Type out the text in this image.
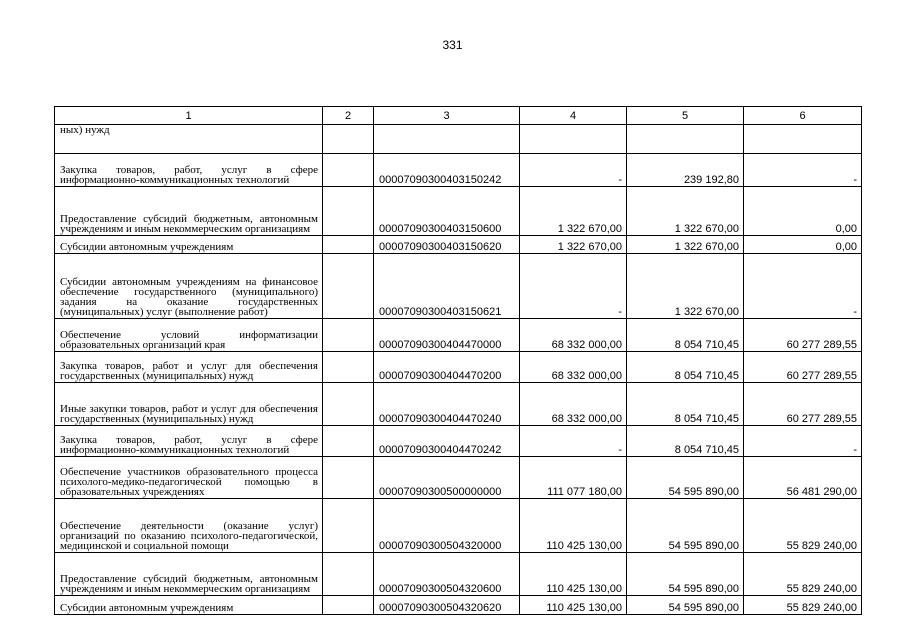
331
1	2	3	4	5	6
ных) нужд					
Закупка товаров, работ, услуг в сфере информационно-коммуникационных технологий		00007090300403150242	-	239 192,80	-
Предоставление субсидий бюджетным, автономным учреждениям и иным некоммерческим организациям		00007090300403150600	1 322 670,00	1 322 670,00	0,00
Субсидии автономным учреждениям		00007090300403150620	1 322 670,00	1 322 670,00	0,00
Субсидии автономным учреждениям на финансовое обеспечение государственного (муниципального) задания на оказание государственных (муниципальных) услуг (выполнение работ)		00007090300403150621	-	1 322 670,00	-
Обеспечение условий информатизации образовательных организаций края		00007090300404470000	68 332 000,00	8 054 710,45	60 277 289,55
Закупка товаров, работ и услуг для обеспечения государственных (муниципальных) нужд		00007090300404470200	68 332 000,00	8 054 710,45	60 277 289,55
Иные закупки товаров, работ и услуг для обеспечения государственных (муниципальных) нужд		00007090300404470240	68 332 000,00	8 054 710,45	60 277 289,55
Закупка товаров, работ, услуг в сфере информационно-коммуникационных технологий		00007090300404470242	-	8 054 710,45	-
Обеспечение участников образовательного процесса психолого-медико-педагогической помощью в образовательных учреждениях		00007090300500000000	111 077 180,00	54 595 890,00	56 481 290,00
Обеспечение деятельности (оказание услуг) организаций по оказанию психолого-педагогической, медицинской и социальной помощи		00007090300504320000	110 425 130,00	54 595 890,00	55 829 240,00
Предоставление субсидий бюджетным, автономным учреждениям и иным некоммерческим организациям		00007090300504320600	110 425 130,00	54 595 890,00	55 829 240,00
Субсидии автономным учреждениям		00007090300504320620	110 425 130,00	54 595 890,00	55 829 240,00
